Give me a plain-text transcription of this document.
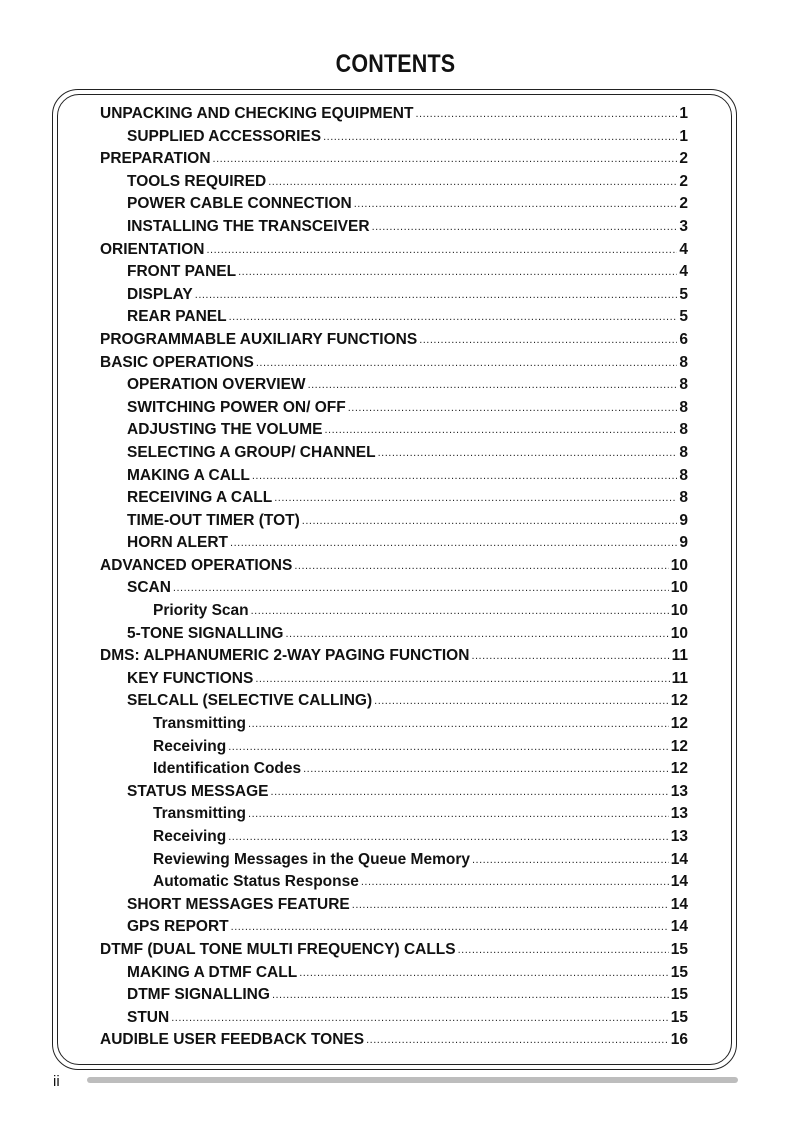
CONTENTS
UNPACKING AND CHECKING EQUIPMENT .....	1
SUPPLIED ACCESSORIES .....	1
PREPARATION .....	2
TOOLS REQUIRED .....	2
POWER CABLE CONNECTION .....	2
INSTALLING THE TRANSCEIVER .....	3
ORIENTATION .....	4
FRONT PANEL .....	4
DISPLAY .....	5
REAR PANEL .....	5
PROGRAMMABLE AUXILIARY FUNCTIONS .....	6
BASIC OPERATIONS .....	8
OPERATION OVERVIEW .....	8
SWITCHING POWER ON/ OFF .....	8
ADJUSTING THE VOLUME .....	8
SELECTING A GROUP/ CHANNEL .....	8
MAKING A CALL .....	8
RECEIVING A CALL .....	8
TIME-OUT TIMER (TOT) .....	9
HORN ALERT .....	9
ADVANCED OPERATIONS .....	10
SCAN .....	10
Priority Scan .....	10
5-TONE SIGNALLING .....	10
DMS: ALPHANUMERIC 2-WAY PAGING FUNCTION .....	11
KEY FUNCTIONS .....	11
SELCALL (SELECTIVE CALLING) .....	12
Transmitting .....	12
Receiving .....	12
Identification Codes .....	12
STATUS MESSAGE .....	13
Transmitting .....	13
Receiving .....	13
Reviewing Messages in the Queue Memory .....	14
Automatic Status Response .....	14
SHORT MESSAGES FEATURE .....	14
GPS REPORT .....	14
DTMF (DUAL TONE MULTI FREQUENCY) CALLS .....	15
MAKING A DTMF CALL .....	15
DTMF SIGNALLING .....	15
STUN .....	15
AUDIBLE USER FEEDBACK TONES .....	16
ii
